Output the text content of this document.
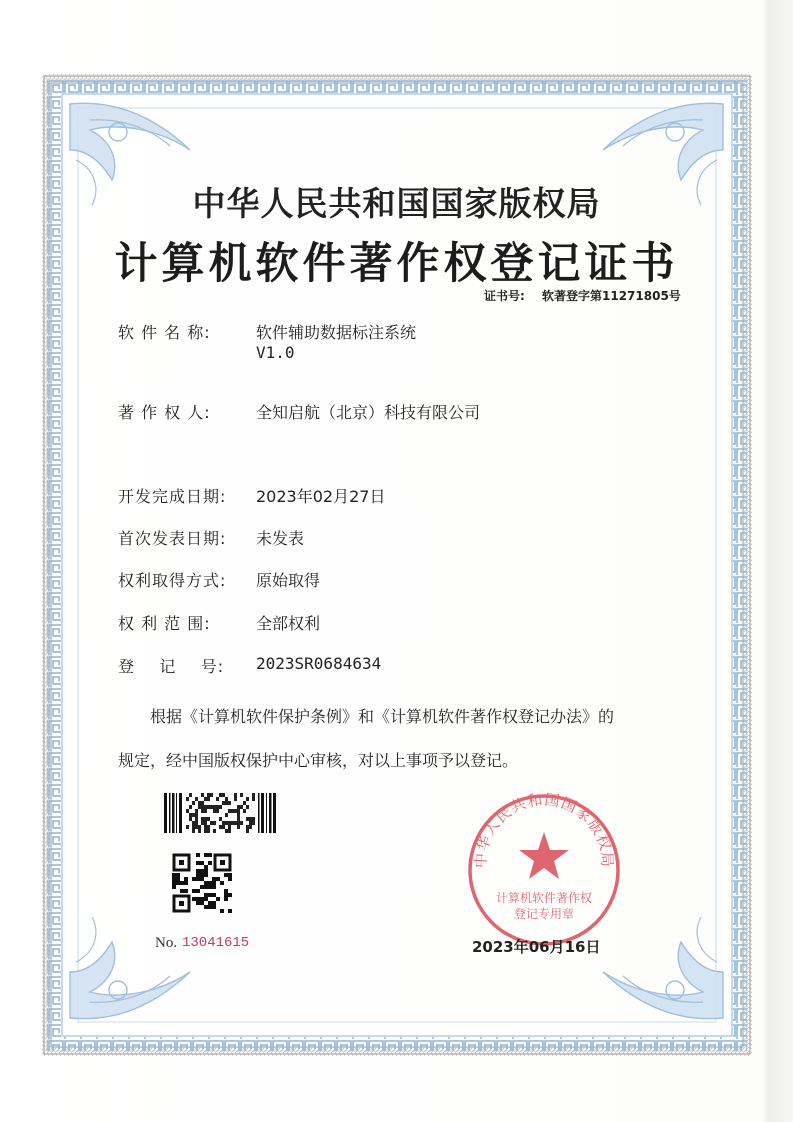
中华人民共和国国家版权局
计算机软件著作权登记证书
证书号: 软著登字第11271805号
软 件 名 称:	软件辅助数据标注系统
V1.0
著 作 权 人:	全知启航（北京）科技有限公司
开发完成日期: 2023年02月27日
首次发表日期: 未发表
权利取得方式: 原始取得
权 利 范 围:	全部权利
登    记    号: 2023SR0684634
根据《计算机软件保护条例》和《计算机软件著作权登记办法》的
规定，经中国版权保护中心审核，对以上事项予以登记。
中华人民共和国国家版权局
计算机软件著作权
登记专用章
No. 13041615	2023年06月16日
